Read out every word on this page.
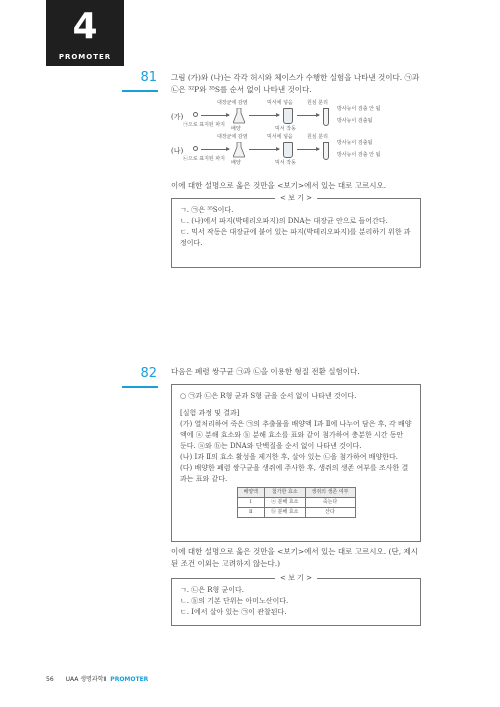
4
PROMOTER
81 그림 (가)와 (나)는 각각 허시와 체이스가 수행한 실험을 나타낸 것이다. ㉠과 ㉡은 ³²P와 ³⁵S를 순서 없이 나타낸 것이다.
(가)
㉠으로 표지된 파지
대장균에 감염
배양
믹서에 넣음
믹서 작동
원심 분리
방사능이 검출 안 됨
방사능이 검출됨
(나)
㉡으로 표지된 파지
대장균에 감염
배양
믹서에 넣음
믹서 작동
원심 분리
방사능이 검출됨
방사능이 검출 안 됨
이에 대한 설명으로 옳은 것만을 <보기>에서 있는 대로 고르시오.
< 보 기 >
ㄱ. ㉠은 ³⁵S이다.
ㄴ. (나)에서 파지(박테리오파지)의 DNA는 대장균 안으로 들어간다.
ㄷ. 믹서 작동은 대장균에 붙어 있는 파지(박테리오파지)를 분리하기 위한 과정이다.
82 다음은 폐렴 쌍구균 ㉠과 ㉡을 이용한 형질 전환 실험이다.
○ ㉠과 ㉡은 R형 균과 S형 균을 순서 없이 나타낸 것이다.
[실험 과정 및 결과]
(가) 열처리하여 죽은 ㉠의 추출물을 배양액 Ⅰ과 Ⅱ에 나누어 담은 후, 각 배양액에 ⓐ 분해 효소와 ⓑ 분해 효소를 표와 같이 첨가하여 충분한 시간 동안 둔다. ⓐ와 ⓑ는 DNA와 단백질을 순서 없이 나타낸 것이다.
(나) Ⅰ과 Ⅱ의 효소 활성을 제거한 후, 살아 있는 ㉡을 첨가하여 배양한다.
(다) 배양한 폐렴 쌍구균을 생쥐에 주사한 후, 생쥐의 생존 여부를 조사한 결과는 표와 같다.
배양액	첨가한 효소	생쥐의 생존 여부
Ⅰ	ⓐ 분해 효소	죽는다
Ⅱ	ⓑ 분해 효소	산다
이에 대한 설명으로 옳은 것만을 <보기>에서 있는 대로 고르시오. (단, 제시된 조건 이외는 고려하지 않는다.)
< 보 기 >
ㄱ. ㉡은 R형 균이다.
ㄴ. ⓑ의 기본 단위는 아미노산이다.
ㄷ. Ⅰ에서 살아 있는 ㉠이 관찰된다.
56 UAA 생명과학Ⅱ PROMOTER
